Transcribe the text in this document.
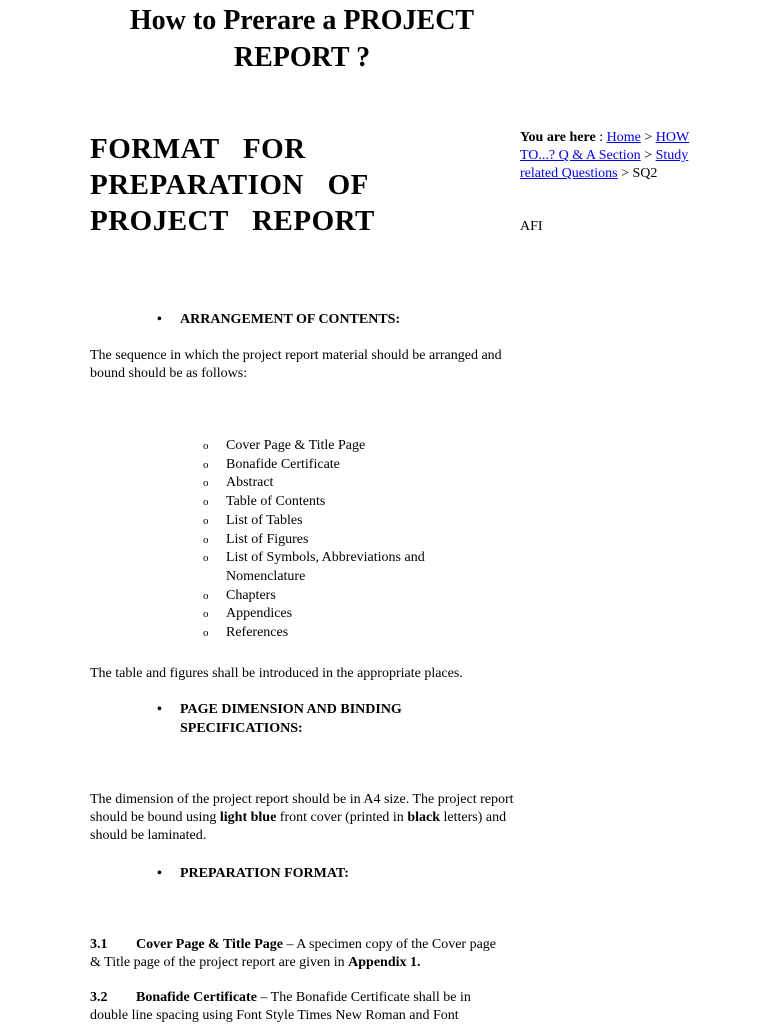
How to Prerare a PROJECT REPORT ?
FORMAT FOR PREPARATION OF PROJECT REPORT
You are here : Home > HOW TO...? Q & A Section > Study related Questions > SQ2
AFI
• ARRANGEMENT OF CONTENTS:

The sequence in which the project report material should be arranged and bound should be as follows:

o Cover Page & Title Page
o Bonafide Certificate
o Abstract
o Table of Contents
o List of Tables
o List of Figures
o List of Symbols, Abbreviations and Nomenclature
o Chapters
o Appendices
o References

The table and figures shall be introduced in the appropriate places.

• PAGE DIMENSION AND BINDING SPECIFICATIONS:

The dimension of the project report should be in A4 size. The project report should be bound using light blue front cover (printed in black letters) and should be laminated.

• PREPARATION FORMAT:

3.1 Cover Page & Title Page – A specimen copy of the Cover page & Title page of the project report are given in Appendix 1.

3.2 Bonafide Certificate – The Bonafide Certificate shall be in double line spacing using Font Style Times New Roman and Font
